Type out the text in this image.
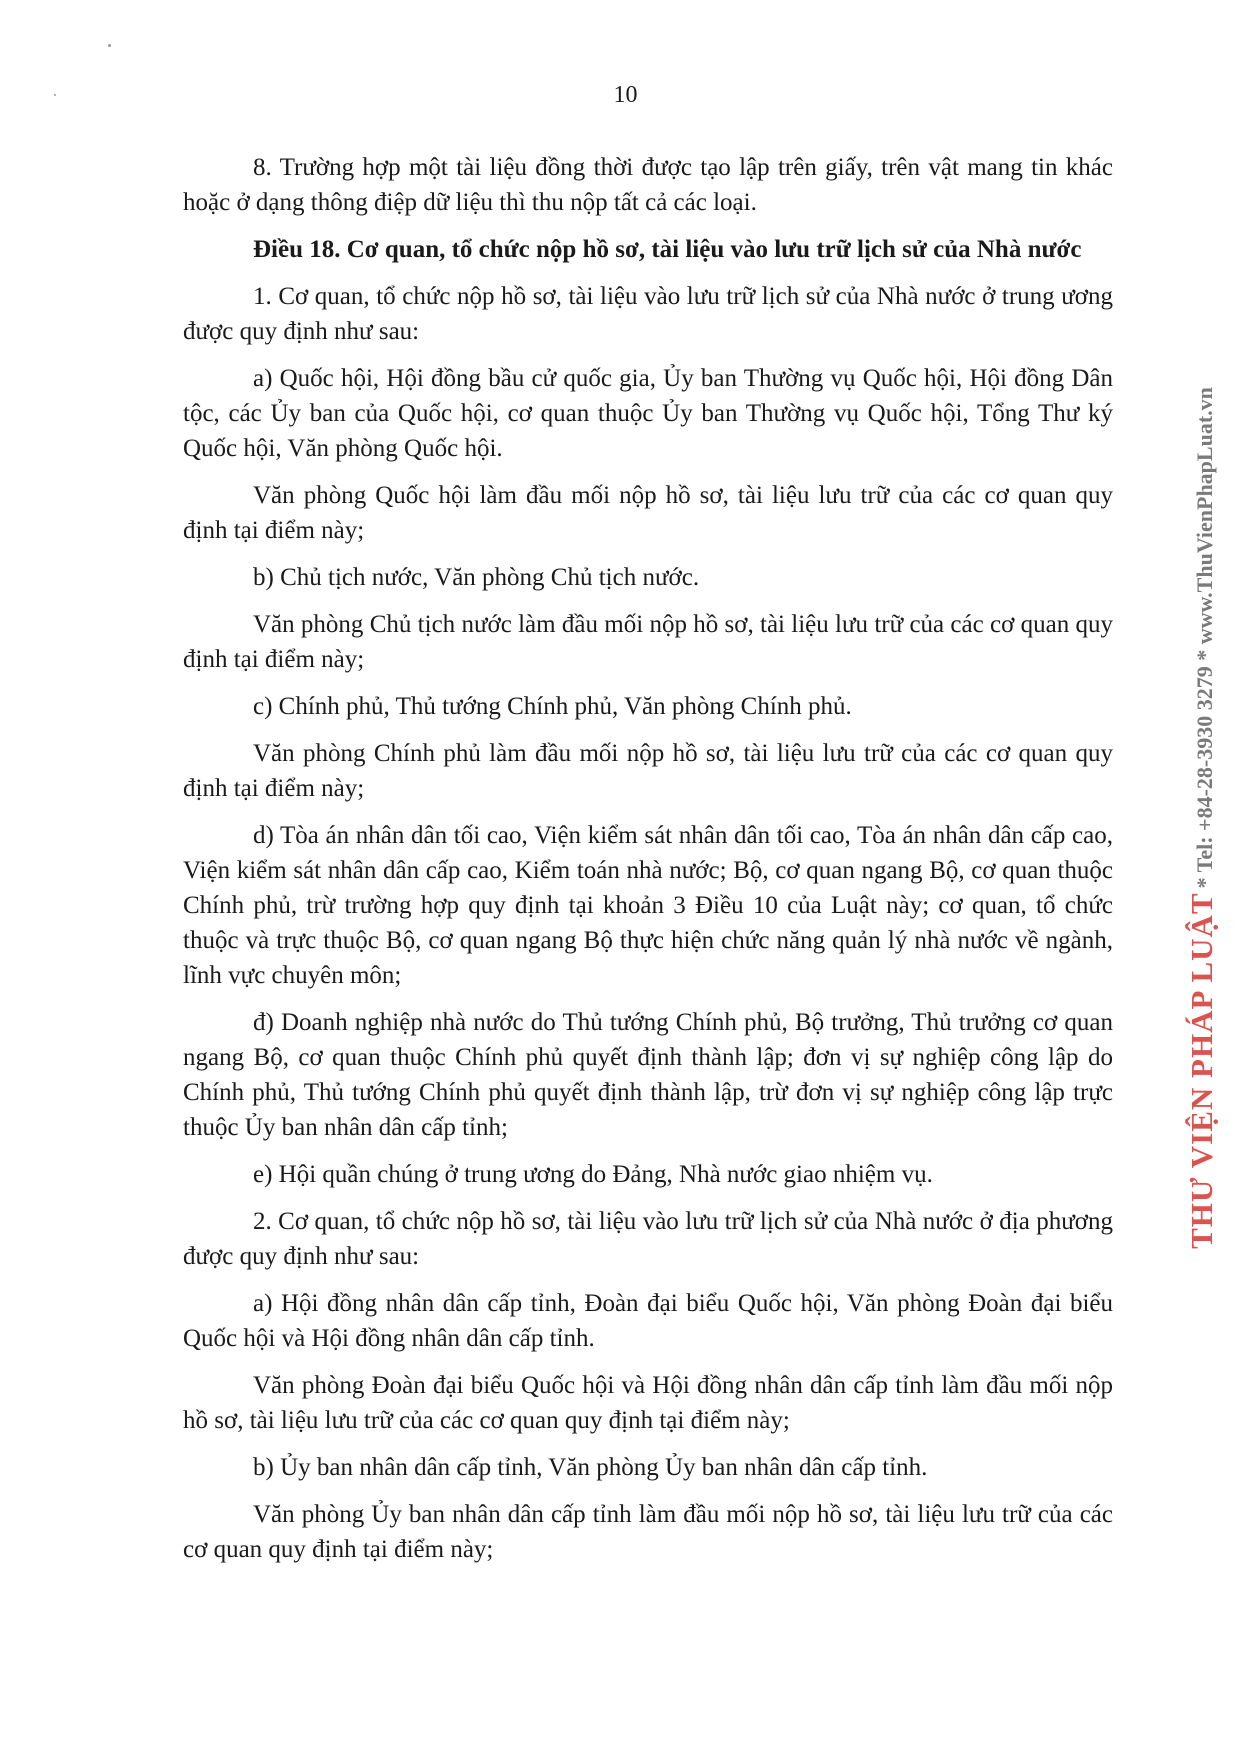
10

8. Trường hợp một tài liệu đồng thời được tạo lập trên giấy, trên vật mang tin khác hoặc ở dạng thông điệp dữ liệu thì thu nộp tất cả các loại.

Điều 18. Cơ quan, tổ chức nộp hồ sơ, tài liệu vào lưu trữ lịch sử của Nhà nước

1. Cơ quan, tổ chức nộp hồ sơ, tài liệu vào lưu trữ lịch sử của Nhà nước ở trung ương được quy định như sau:

a) Quốc hội, Hội đồng bầu cử quốc gia, Ủy ban Thường vụ Quốc hội, Hội đồng Dân tộc, các Ủy ban của Quốc hội, cơ quan thuộc Ủy ban Thường vụ Quốc hội, Tổng Thư ký Quốc hội, Văn phòng Quốc hội.

Văn phòng Quốc hội làm đầu mối nộp hồ sơ, tài liệu lưu trữ của các cơ quan quy định tại điểm này;

b) Chủ tịch nước, Văn phòng Chủ tịch nước.

Văn phòng Chủ tịch nước làm đầu mối nộp hồ sơ, tài liệu lưu trữ của các cơ quan quy định tại điểm này;

c) Chính phủ, Thủ tướng Chính phủ, Văn phòng Chính phủ.

Văn phòng Chính phủ làm đầu mối nộp hồ sơ, tài liệu lưu trữ của các cơ quan quy định tại điểm này;

d) Tòa án nhân dân tối cao, Viện kiểm sát nhân dân tối cao, Tòa án nhân dân cấp cao, Viện kiểm sát nhân dân cấp cao, Kiểm toán nhà nước; Bộ, cơ quan ngang Bộ, cơ quan thuộc Chính phủ, trừ trường hợp quy định tại khoản 3 Điều 10 của Luật này; cơ quan, tổ chức thuộc và trực thuộc Bộ, cơ quan ngang Bộ thực hiện chức năng quản lý nhà nước về ngành, lĩnh vực chuyên môn;

đ) Doanh nghiệp nhà nước do Thủ tướng Chính phủ, Bộ trưởng, Thủ trưởng cơ quan ngang Bộ, cơ quan thuộc Chính phủ quyết định thành lập; đơn vị sự nghiệp công lập do Chính phủ, Thủ tướng Chính phủ quyết định thành lập, trừ đơn vị sự nghiệp công lập trực thuộc Ủy ban nhân dân cấp tỉnh;

e) Hội quần chúng ở trung ương do Đảng, Nhà nước giao nhiệm vụ.

2. Cơ quan, tổ chức nộp hồ sơ, tài liệu vào lưu trữ lịch sử của Nhà nước ở địa phương được quy định như sau:

a) Hội đồng nhân dân cấp tỉnh, Đoàn đại biểu Quốc hội, Văn phòng Đoàn đại biểu Quốc hội và Hội đồng nhân dân cấp tỉnh.

Văn phòng Đoàn đại biểu Quốc hội và Hội đồng nhân dân cấp tỉnh làm đầu mối nộp hồ sơ, tài liệu lưu trữ của các cơ quan quy định tại điểm này;

b) Ủy ban nhân dân cấp tỉnh, Văn phòng Ủy ban nhân dân cấp tỉnh.

Văn phòng Ủy ban nhân dân cấp tỉnh làm đầu mối nộp hồ sơ, tài liệu lưu trữ của các cơ quan quy định tại điểm này;

THƯ VIỆN PHÁP LUẬT * Tel: +84-28-3930 3279 * www.ThuVienPhapLuat.vn
